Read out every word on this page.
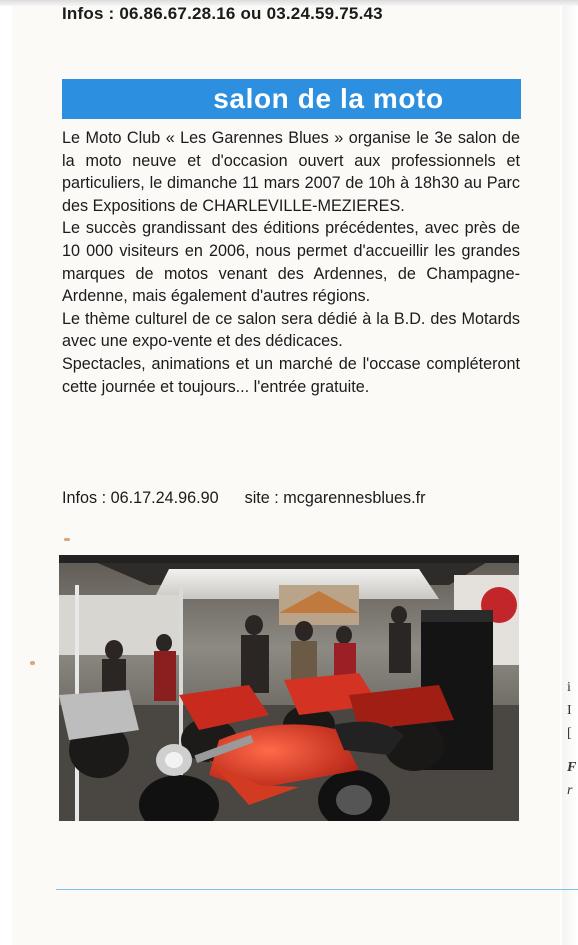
Infos : 06.86.67.28.16 ou 03.24.59.75.43
salon de la moto

Le Moto Club « Les Garennes Blues » organise le 3e salon de la moto neuve et d'occasion ouvert aux professionnels et particuliers, le dimanche 11 mars 2007 de 10h à 18h30 au Parc des Expositions de CHARLEVILLE-MEZIERES.

Le succès grandissant des éditions précédentes, avec près de 10 000 visiteurs en 2006, nous permet d'accueillir les grandes marques de motos venant des Ardennes, de Champagne-Ardenne, mais également d'autres régions.

Le thème culturel de ce salon sera dédié à la B.D. des Motards avec une expo-vente et des dédicaces.

Spectacles, animations et un marché de l'occase compléteront cette journée et toujours... l'entrée gratuite.

Infos : 06.17.24.96.90 site : mcgarennesblues.fr
i
I
[
F
r
